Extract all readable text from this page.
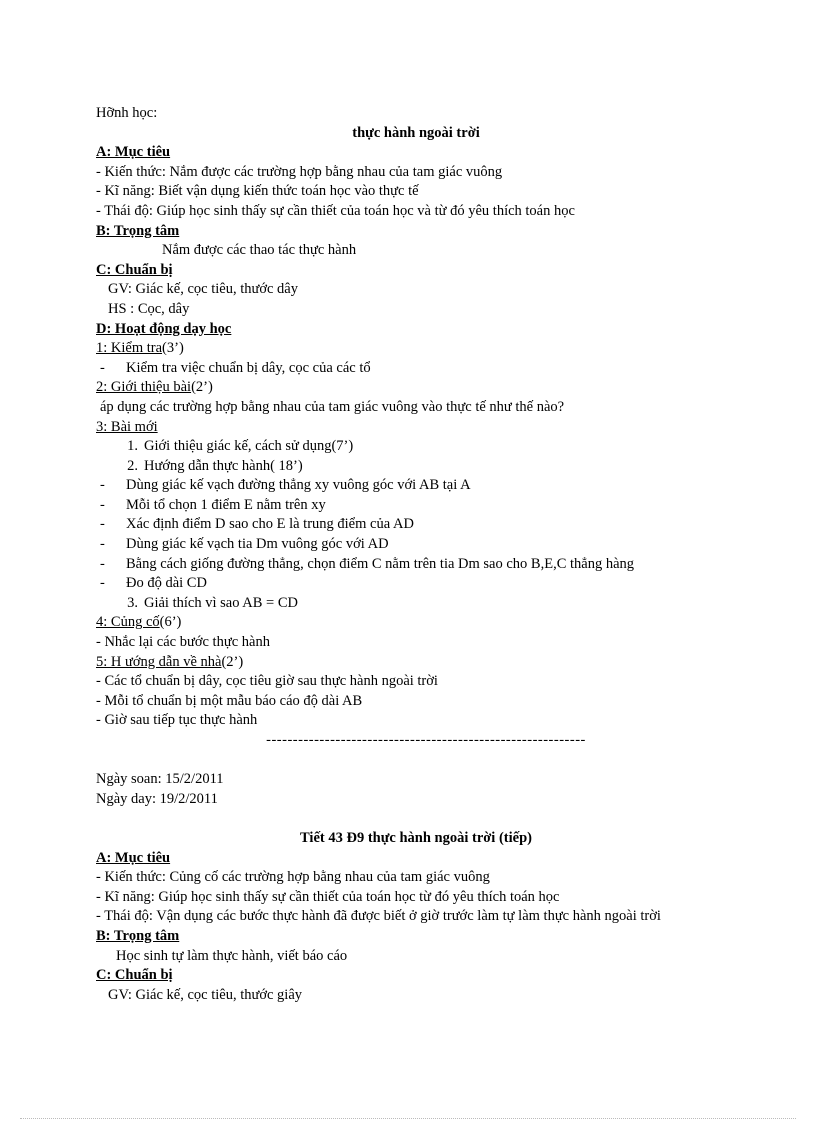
Hỡnh học:
thực hành ngoài trời
A: Mục tiêu
- Kiến thức: Nắm được các trường hợp bằng nhau của tam giác vuông
- Kĩ năng: Biết vận dụng kiến thức toán học vào thực tế
- Thái độ: Giúp học sinh thấy sự cần thiết của toán học và từ đó yêu thích toán học
B: Trọng tâm
Nắm được các thao tác thực hành
C: Chuẩn bị
GV: Giác kế, cọc tiêu, thước dây
HS : Cọc, dây
D: Hoạt động dạy học
1: Kiểm tra(3’)
- Kiểm tra việc chuẩn bị dây, cọc của các tổ
2: Giới thiệu bài(2’)
áp dụng các trường hợp bằng nhau của tam giác vuông vào thực tế như thế nào?
3: Bài mới
1. Giới thiệu giác kế, cách sử dụng(7’)
2. Hướng dẫn thực hành( 18’)
- Dùng giác kế vạch đường thẳng xy vuông góc với AB tại A
- Mỗi tổ chọn 1 điểm E nằm trên xy
- Xác định điểm D sao cho E là trung điểm của AD
- Dùng giác kế vạch tia Dm vuông góc với AD
- Bằng cách giống đường thẳng, chọn điểm C nằm trên tia Dm sao cho B,E,C thẳng hàng
- Đo độ dài CD
3. Giải thích vì sao AB = CD
4: Củng cố(6’)
- Nhắc lại các bước thực hành
5: H ướng dẫn về nhà(2’)
- Các tổ chuẩn bị dây, cọc tiêu giờ sau thực hành ngoài trời
- Mỗi tổ chuẩn bị một mẫu báo cáo độ dài AB
- Giờ sau tiếp tục thực hành
------------------------------------------------------------
Ngày soan: 15/2/2011
Ngày day: 19/2/2011
Tiết 43 Đ9 thực hành ngoài trời (tiếp)
A: Mục tiêu
- Kiến thức: Củng cố các trường hợp bằng nhau của tam giác vuông
- Kĩ năng: Giúp học sinh thấy sự cần thiết của toán học từ đó yêu thích toán học
- Thái độ: Vận dụng các bước thực hành đã được biết ở giờ trước làm tự làm thực hành ngoài trời
B: Trọng tâm
Học sinh tự làm thực hành, viết báo cáo
C: Chuẩn bị
GV: Giác kế, cọc tiêu, thước giây
